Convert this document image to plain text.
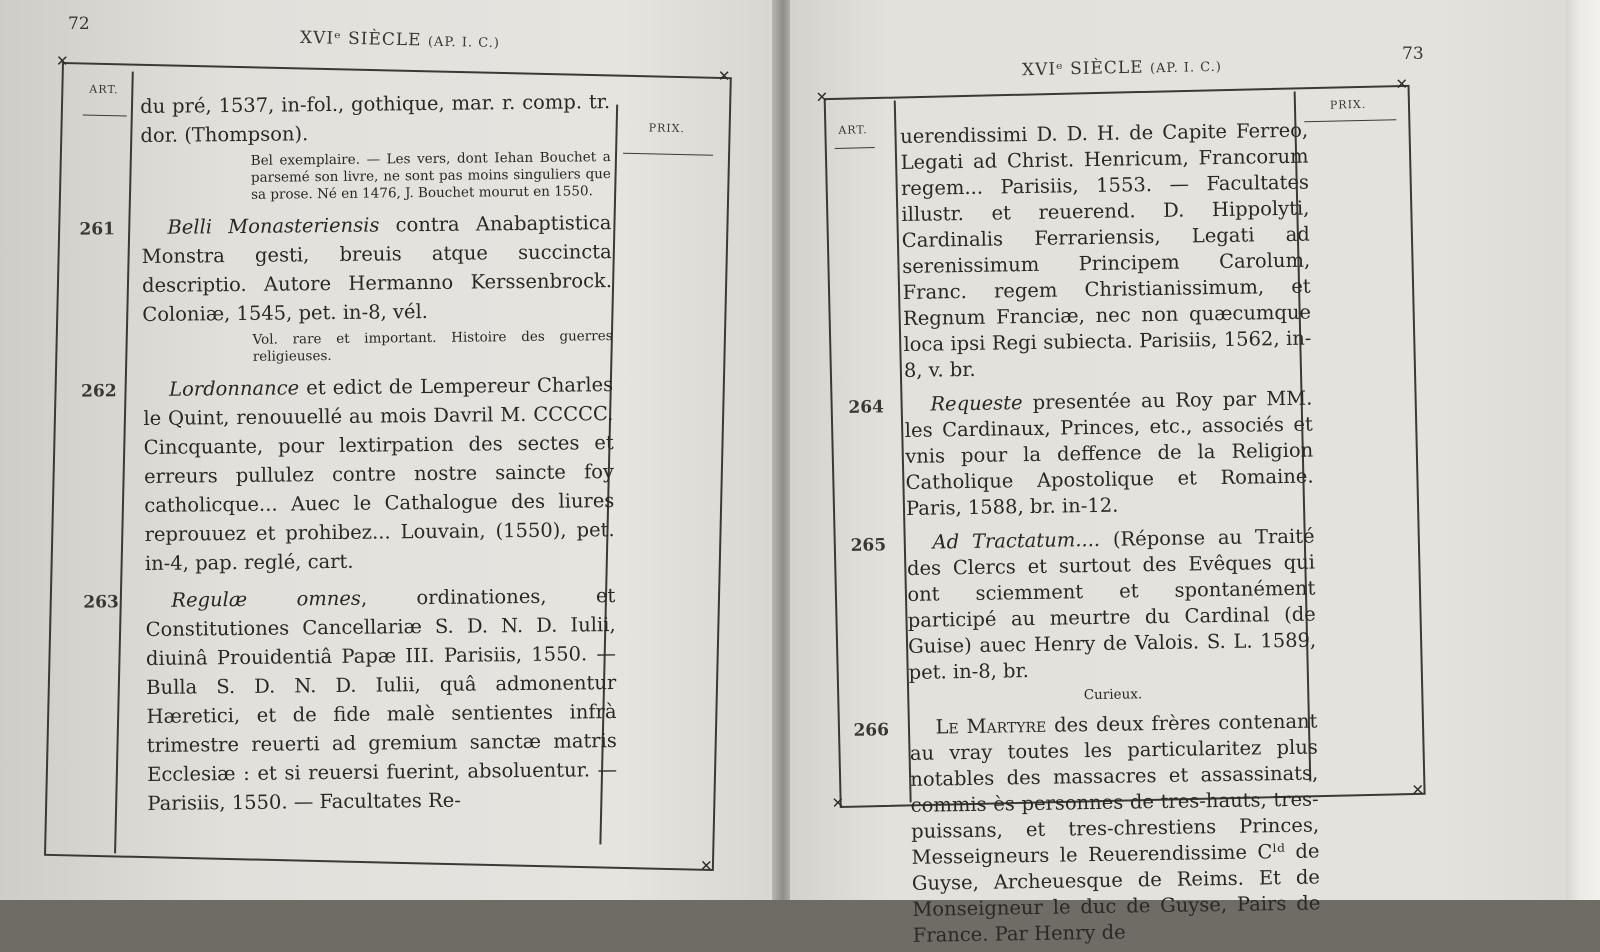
72
XVIᵉ SIÈCLE (AP. I. C.)
ART.
PRIX.
✕
✕
✕
du pré, 1537, in-fol., gothique, mar. r. comp. tr. dor. (Thompson).
Bel exemplaire. — Les vers, dont Iehan Bouchet a parsemé son livre, ne sont pas moins singuliers que sa prose. Né en 1476, J. Bouchet mourut en 1550.
261	Belli Monasteriensis contra Anabaptistica Monstra gesti, breuis atque succincta descriptio. Autore Hermanno Kerssenbrock. Coloniæ, 1545, pet. in-8, vél.
Vol. rare et important. Histoire des guerres religieuses.
262	Lordonnance et edict de Lempereur Charles le Quint, renouuellé au mois Davril M. CCCCC. Cincquante, pour lextirpation des sectes et erreurs pullulez contre nostre saincte foy catholicque... Auec le Cathalogue des liures reprouuez et prohibez... Louvain, (1550), pet. in-4, pap. reglé, cart.
263	Regulæ omnes, ordinationes, et Constitutiones Cancellariæ S. D. N. D. Iulii, diuinâ Prouidentiâ Papæ III. Parisiis, 1550. — Bulla S. D. N. D. Iulii, quâ admonentur Hæretici, et de fide malè sentientes infrà trimestre reuerti ad gremium sanctæ matris Ecclesiæ : et si reuersi fuerint, absoluentur. — Parisiis, 1550. — Facultates Re-
73
XVIᵉ SIÈCLE (AP. I. C.)
ART.
PRIX.
✕
✕
✕
✕
uerendissimi D. D. H. de Capite Ferreo, Legati ad Christ. Henricum, Francorum regem... Parisiis, 1553. — Facultates illustr. et reuerend. D. Hippolyti, Cardinalis Ferrariensis, Legati ad serenissimum Principem Carolum, Franc. regem Christianissimum, et Regnum Franciæ, nec non quæcumque loca ipsi Regi subiecta. Parisiis, 1562, in-8, v. br.
264	Requeste presentée au Roy par MM. les Cardinaux, Princes, etc., associés et vnis pour la deffence de la Religion Catholique Apostolique et Romaine. Paris, 1588, br. in-12.
265	Ad Tractatum.... (Réponse au Traité des Clercs et surtout des Evêques qui ont sciemment et spontanément participé au meurtre du Cardinal (de Guise) auec Henry de Valois. S. L. 1589, pet. in-8, br.
Curieux.
266	Le Martyre des deux frères contenant au vray toutes les particularitez plus notables des massacres et assassinats, commis ès personnes de tres-hauts, tres-puissans, et tres-chrestiens Princes, Messeigneurs le Reuerendissime Cˡᵈ de Guyse, Archeuesque de Reims. Et de Monseigneur le duc de Guyse, Pairs de France. Par Henry de
